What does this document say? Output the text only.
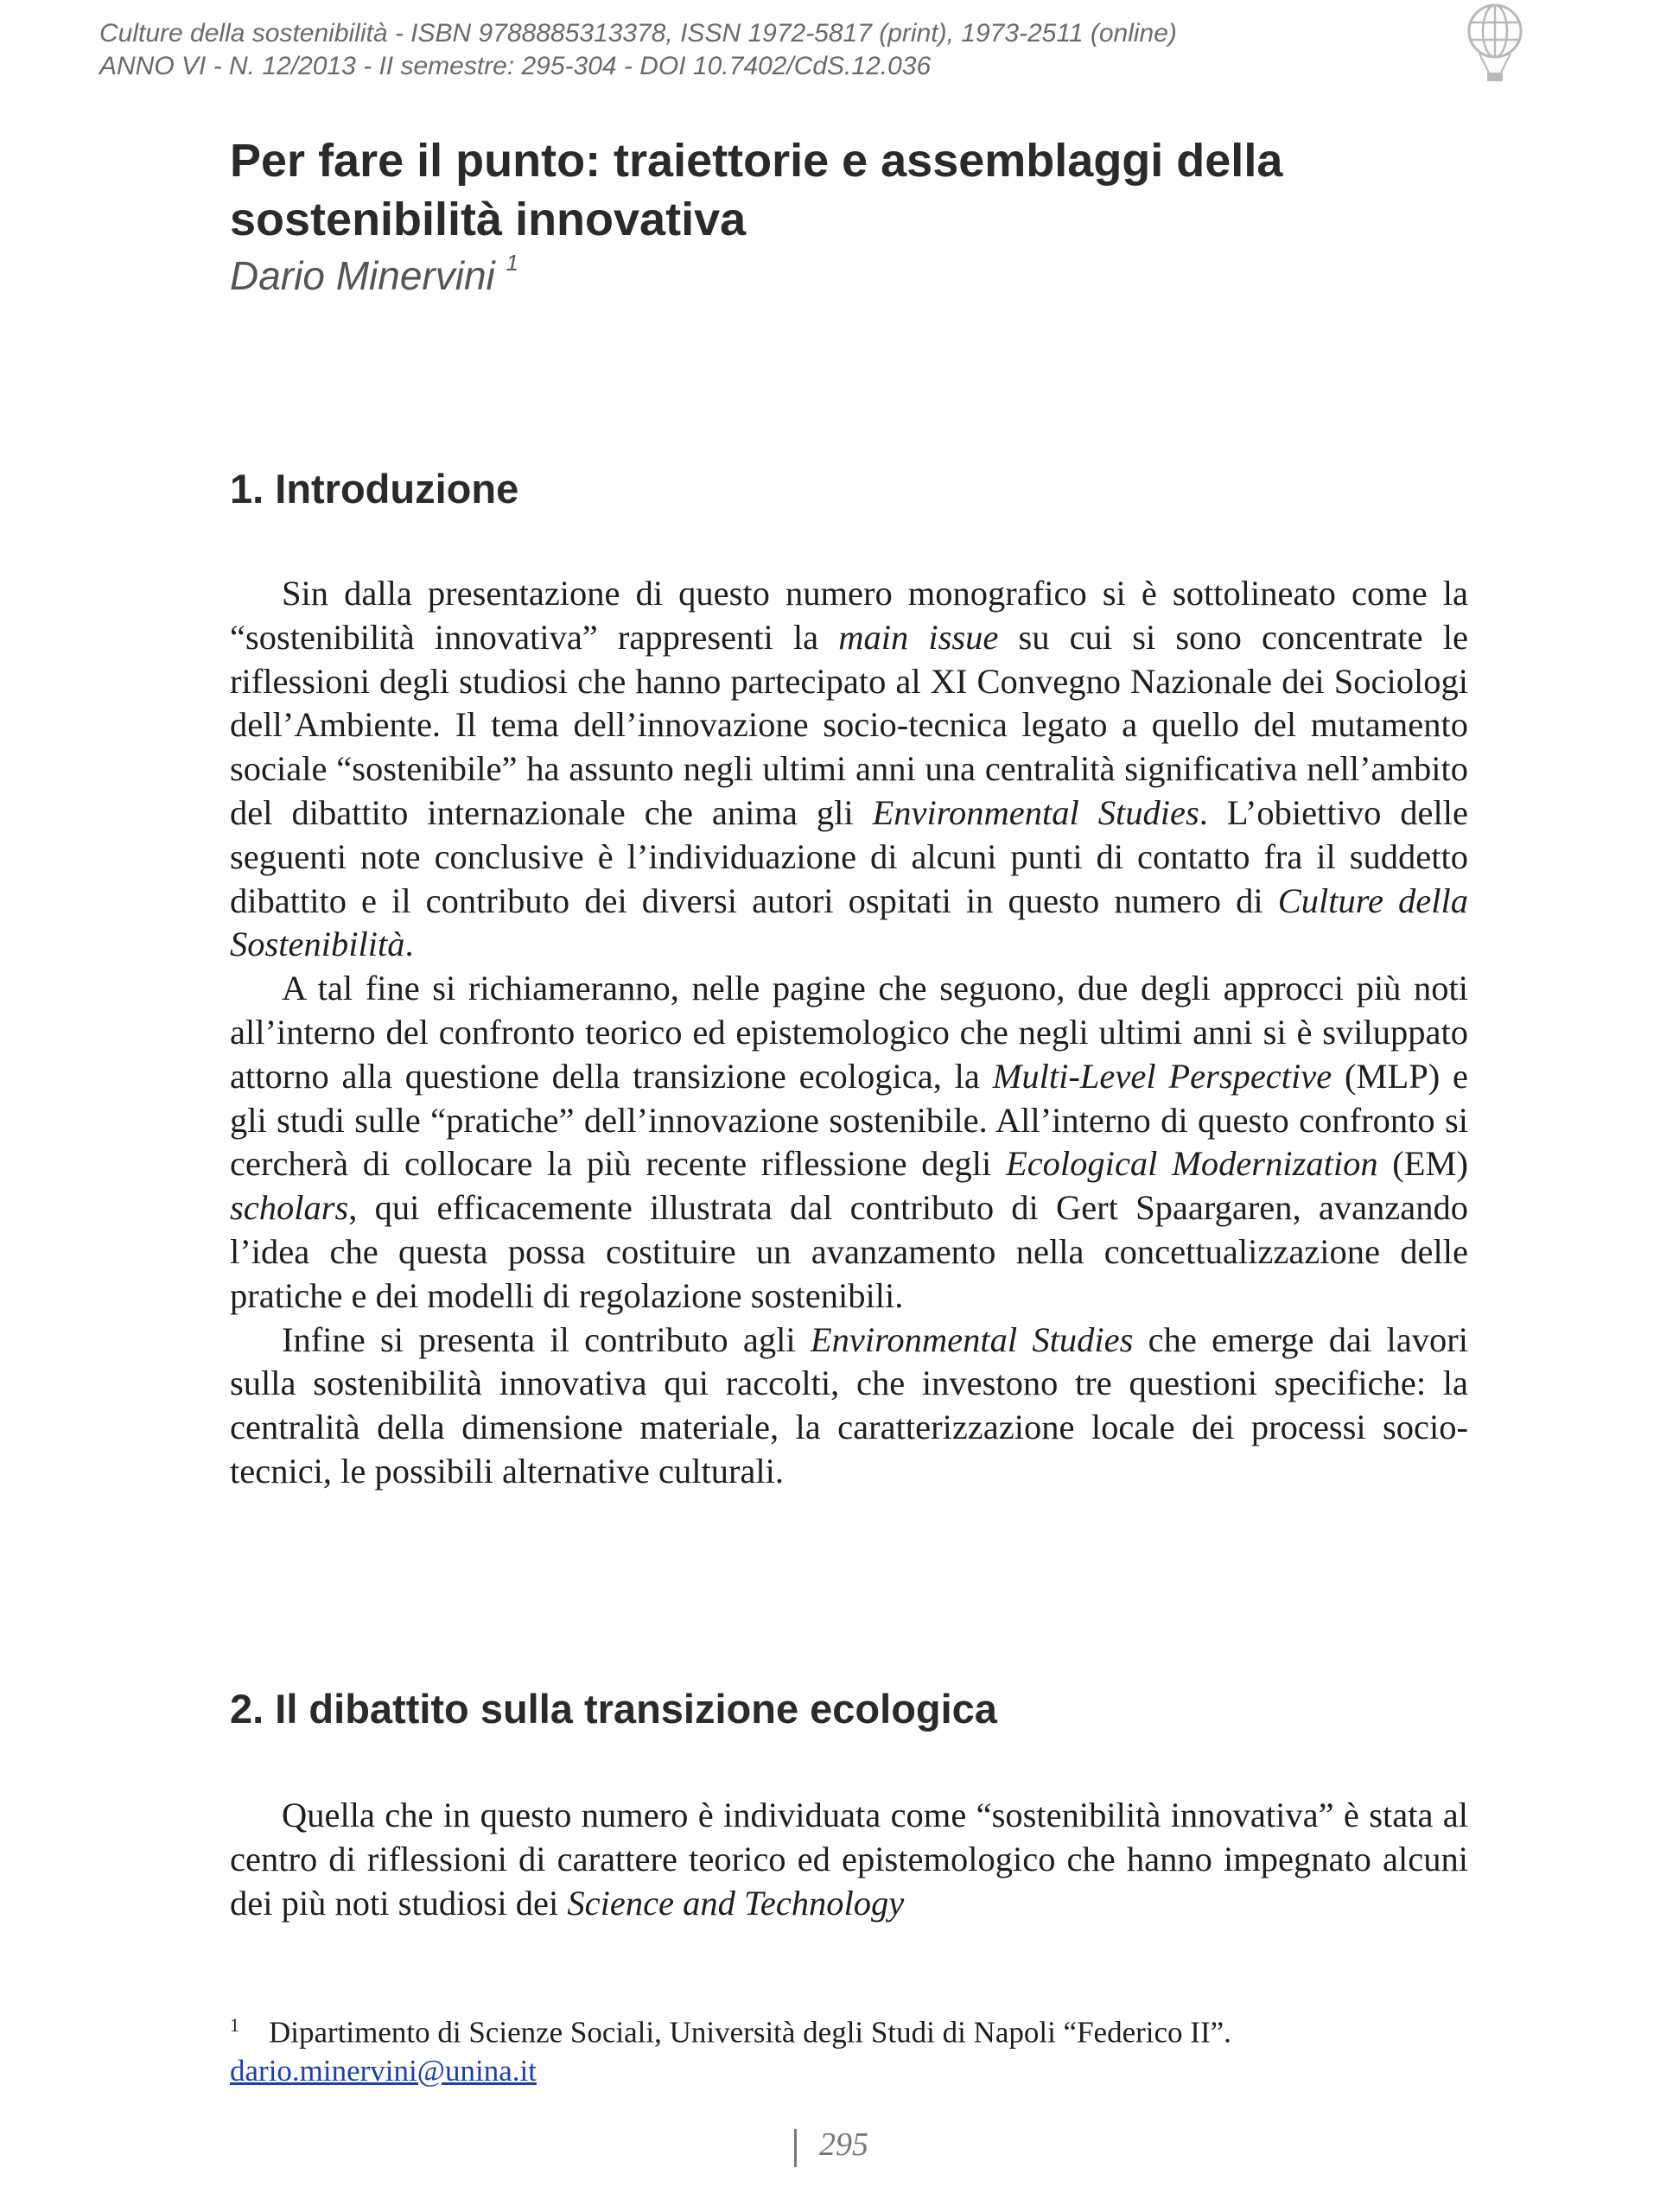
Culture della sostenibilità - ISBN 9788885313378, ISSN 1972-5817 (print), 1973-2511 (online)
ANNO VI - N. 12/2013 - II semestre: 295-304 - DOI 10.7402/CdS.12.036
Per fare il punto: traiettorie e assemblaggi della
sostenibilità innovativa
Dario Minervini $^1$
1. Introduzione

Sin dalla presentazione di questo numero monografico si è sottolineato come la “sostenibilità innovativa” rappresenti la main issue su cui si sono concentrate le riflessioni degli studiosi che hanno partecipato al XI Convegno Nazionale dei Sociologi dell’Ambiente. Il tema dell’innovazione socio-tecnica legato a quello del mutamento sociale “sostenibile” ha assunto negli ultimi anni una centralità significativa nell’ambito del dibattito internazionale che anima gli Environmental Studies. L’obiettivo delle seguenti note conclusive è l’individuazione di alcuni punti di contatto fra il suddetto dibattito e il contributo dei diversi autori ospitati in questo numero di Culture della Sostenibilità.

A tal fine si richiameranno, nelle pagine che seguono, due degli approcci più noti all’interno del confronto teorico ed epistemologico che negli ultimi anni si è sviluppato attorno alla questione della transizione ecologica, la Multi-Level Perspective (MLP) e gli studi sulle “pratiche” dell’innovazione sostenibile. All’interno di questo confronto si cercherà di collocare la più recente riflessione degli Ecological Modernization (EM) scholars, qui efficacemente illustrata dal contributo di Gert Spaargaren, avanzando l’idea che questa possa costituire un avanzamento nella concettualizzazione delle pratiche e dei modelli di regolazione sostenibili.

Infine si presenta il contributo agli Environmental Studies che emerge dai lavori sulla sostenibilità innovativa qui raccolti, che investono tre questioni specifiche: la centralità della dimensione materiale, la caratterizzazione locale dei processi socio-tecnici, le possibili alternative culturali.

2. Il dibattito sulla transizione ecologica

Quella che in questo numero è individuata come “sostenibilità innovativa” è stata al centro di riflessioni di carattere teorico ed epistemologico che hanno impegnato alcuni dei più noti studiosi dei Science and Technology

$^1$ Dipartimento di Scienze Sociali, Università degli Studi di Napoli “Federico II”.
dario.minervini@unina.it
295
